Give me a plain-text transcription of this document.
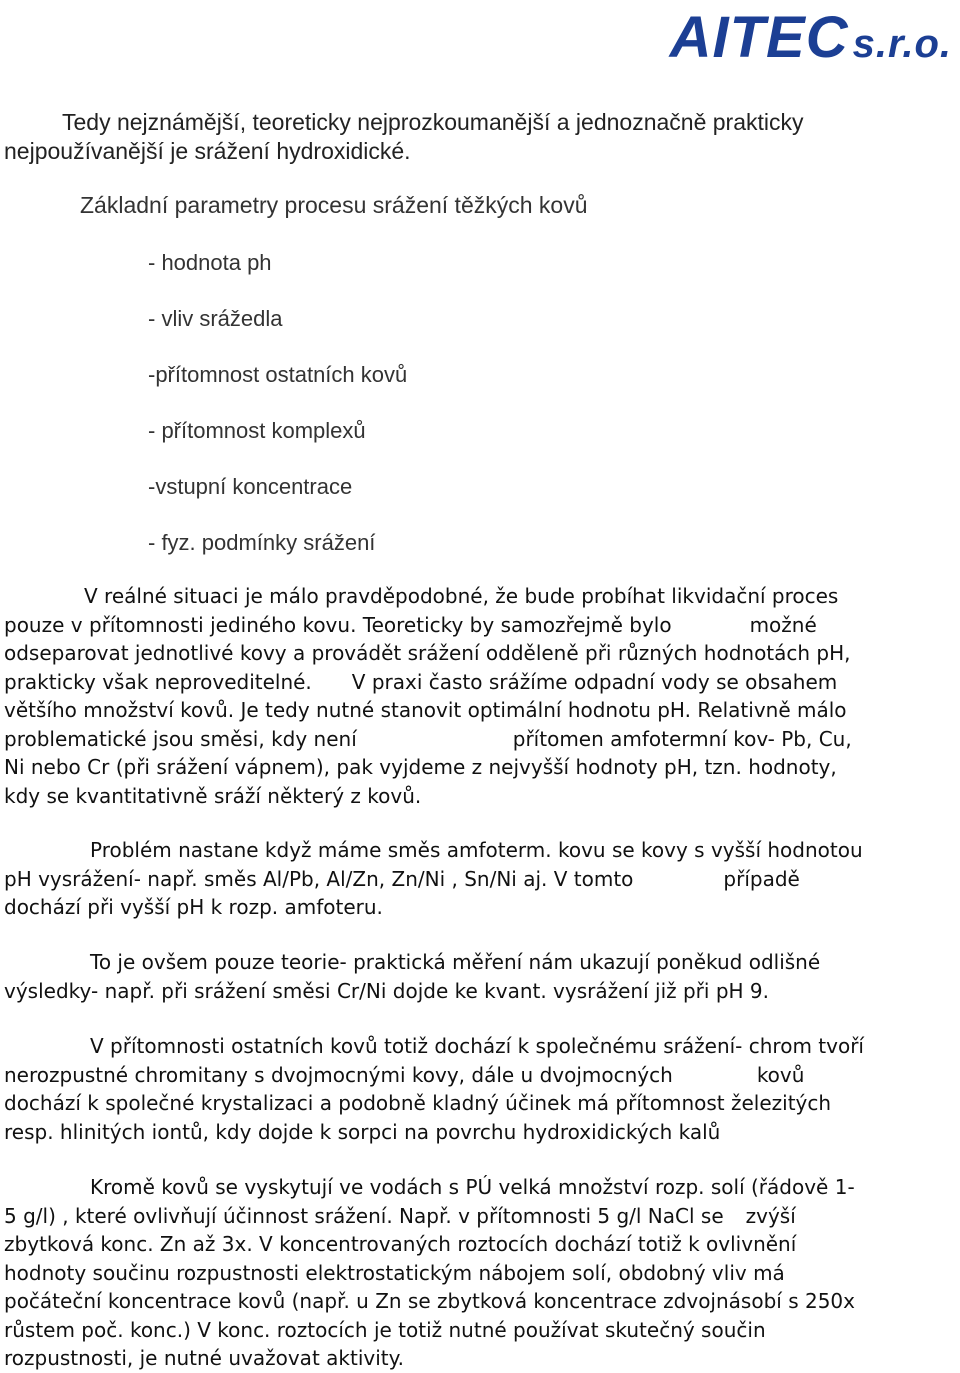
AITEC s.r.o.
Tedy nejznámější, teoreticky nejprozkoumanější a jednoznačně prakticky
nejpoužívanější je srážení hydroxidické.
Základní parametry procesu srážení těžkých kovů
- hodnota ph
- vliv srážedla
-přítomnost ostatních kovů
- přítomnost komplexů
-vstupní koncentrace
- fyz. podmínky srážení
V reálné situaci je málo pravděpodobné, že bude probíhat likvidační proces
pouze v přítomnosti jediného kovu. Teoreticky by samozřejmě bylo	možné
odseparovat jednotlivé kovy a provádět srážení odděleně při různých hodnotách pH,
prakticky však neproveditelné. V praxi často srážíme odpadní vody se obsahem
většího množství kovů. Je tedy nutné stanovit optimální hodnotu pH. Relativně málo
problematické jsou směsi, kdy není	přítomen amfotermní kov- Pb, Cu,
Ni nebo Cr (při srážení vápnem), pak vyjdeme z nejvyšší hodnoty pH, tzn. hodnoty,
kdy se kvantitativně sráží některý z kovů.
Problém nastane když máme směs amfoterm. kovu se kovy s vyšší hodnotou
pH vysrážení- např. směs Al/Pb, Al/Zn, Zn/Ni , Sn/Ni aj. V tomto	případě
dochází při vyšší pH k rozp. amfoteru.
To je ovšem pouze teorie- praktická měření nám ukazují poněkud odlišné
výsledky- např. při srážení směsi Cr/Ni dojde ke kvant. vysrážení již při pH 9.
V přítomnosti ostatních kovů totiž dochází k společnému srážení- chrom tvoří
nerozpustné chromitany s dvojmocnými kovy, dále u dvojmocných	kovů
dochází k společné krystalizaci a podobně kladný účinek má přítomnost železitých
resp. hlinitých iontů, kdy dojde k sorpci na povrchu hydroxidických kalů
Kromě kovů se vyskytují ve vodách s PÚ velká množství rozp. solí (řádově 1-
5 g/l) , které ovlivňují účinnost srážení. Např. v přítomnosti 5 g/l NaCl se zvýší
zbytková konc. Zn až 3x. V koncentrovaných roztocích dochází totiž k ovlivnění
hodnoty součinu rozpustnosti elektrostatickým nábojem solí, obdobný vliv má
počáteční koncentrace kovů (např. u Zn se zbytková koncentrace zdvojnásobí s 250x
růstem poč. konc.) V konc. roztocích je totiž nutné používat skutečný součin
rozpustnosti, je nutné uvažovat aktivity.
